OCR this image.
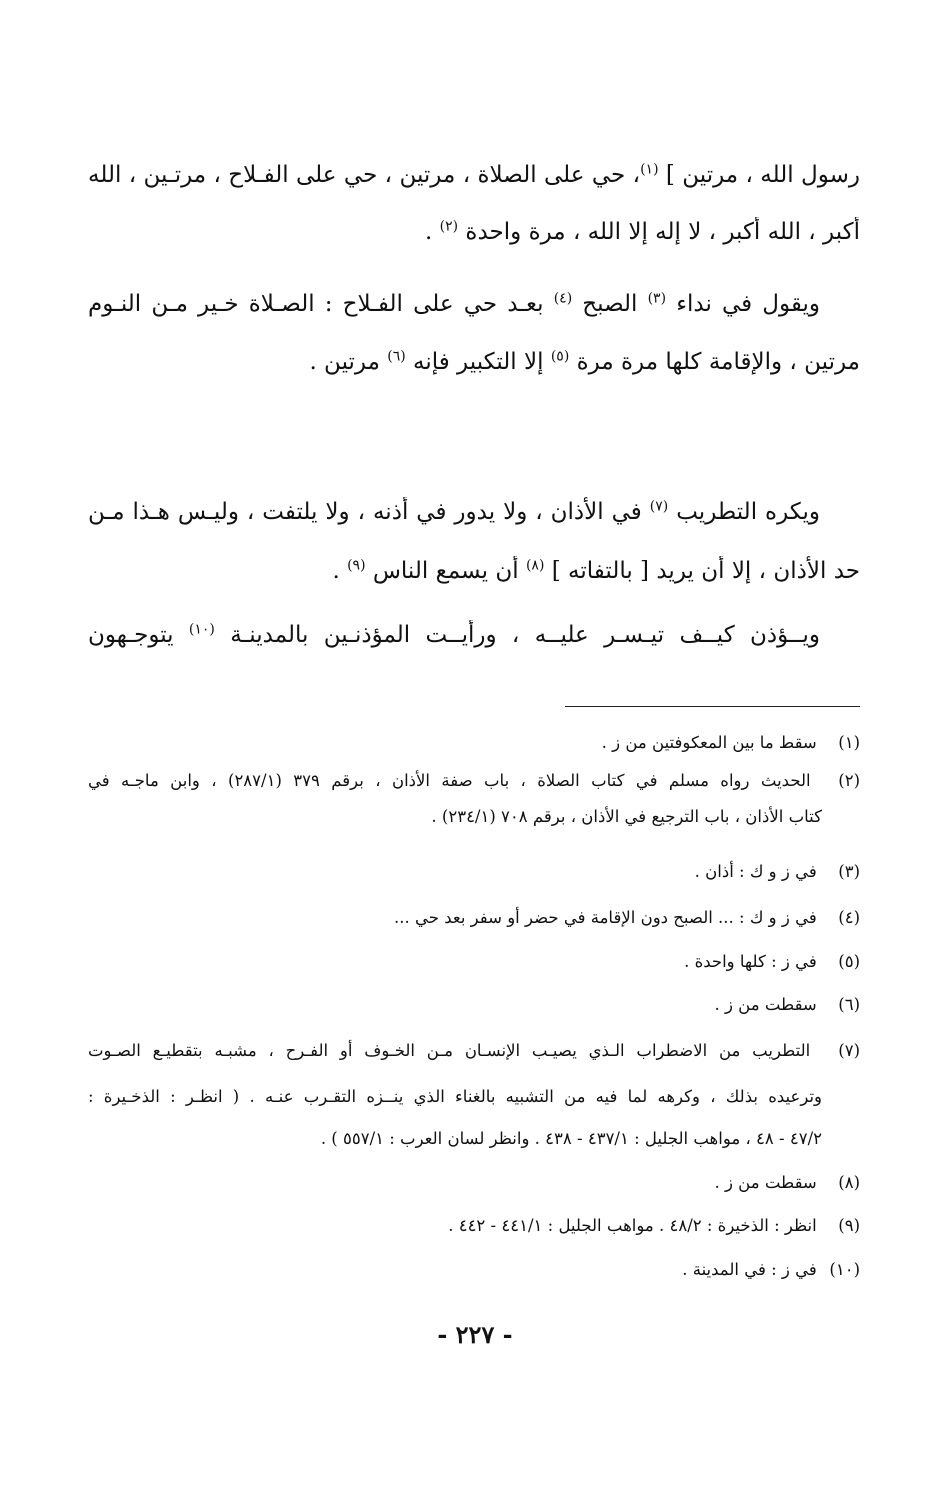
رسول الله ، مرتين ] $^{(١)}$، حي على الصلاة ، مرتين ، حي على الفـلاح ، مرتـين ، الله
أكبر ، الله أكبر ، لا إله إلا الله ، مرة واحدة $^{(٢)}$ .
ويقول في نداء $^{(٣)}$ الصبح $^{(٤)}$ بعـد حي على الفـلاح : الصـلاة خـير مـن النـوم
مرتين ، والإقامة كلها مرة مرة $^{(٥)}$ إلا التكبير فإنه $^{(٦)}$ مرتين .
ويكره التطريب $^{(٧)}$ في الأذان ، ولا يدور في أذنه ، ولا يلتفت ، وليـس هـذا مـن
حد الأذان ، إلا أن يريد [ بالتفاته ] $^{(٨)}$ أن يسمع الناس $^{(٩)}$ .
ويــؤذن كيــف تيـسـر عليــه ، ورأيــت المؤذنـين بالمدينـة $^{(١٠)}$ يتوجـهون
(١) سقط ما بين المعكوفتين من ز .
(٢) الحديث رواه مسلم في كتاب الصلاة ، باب صفة الأذان ، برقم ٣٧٩ (٢٨٧/١) ، وابن ماجـه في
كتاب الأذان ، باب الترجيع في الأذان ، برقم ٧٠٨ (٢٣٤/١) .
(٣) في ز و ك : أذان .
(٤) في ز و ك : ... الصبح دون الإقامة في حضر أو سفر بعد حي ...
(٥) في ز : كلها واحدة .
(٦) سقطت من ز .
(٧) التطريب من الاضطراب الـذي يصيـب الإنسـان مـن الخـوف أو الفـرح ، مشبـه بتقطيـع الصـوت
وترعيده بذلك ، وكرهه لما فيه من التشبيه بالغناء الذي ينــزه التقـرب عنـه . ( انظـر : الذخـيرة :
٤٧/٢ - ٤٨ ، مواهب الجليل : ٤٣٧/١ - ٤٣٨ . وانظر لسان العرب : ٥٥٧/١ ) .
(٨) سقطت من ز .
(٩) انظر : الذخيرة : ٤٨/٢ . مواهب الجليل : ٤٤١/١ - ٤٤٢ .
(١٠) في ز : في المدينة .
- ٢٢٧ -
